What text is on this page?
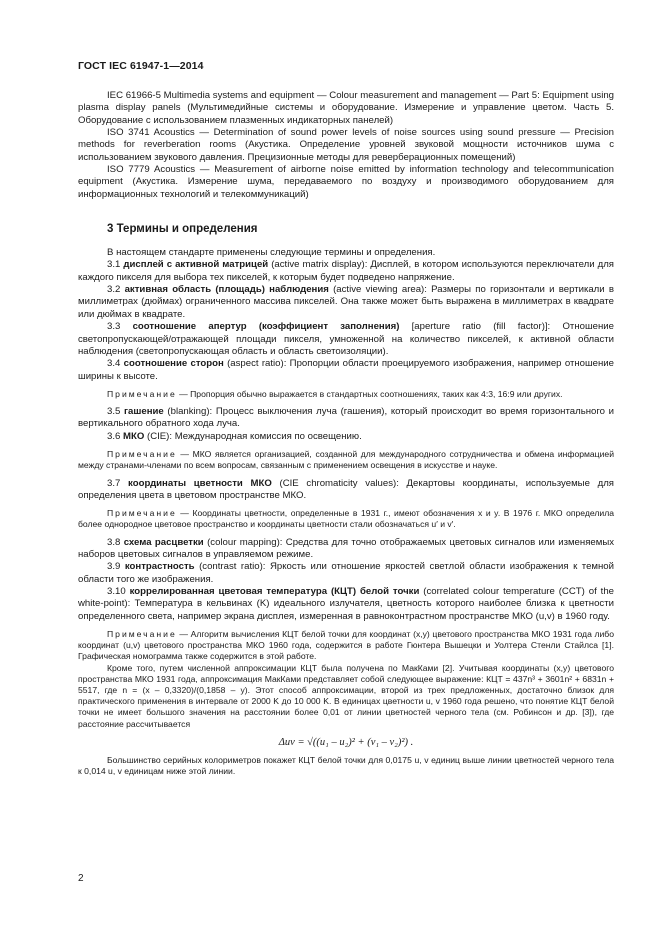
ГОСТ IEC 61947-1—2014

IEC 61966-5 Multimedia systems and equipment — Colour measurement and management — Part 5: Equipment using plasma display panels (Мультимедийные системы и оборудование. Измерение и управление цветом. Часть 5. Оборудование с использованием плазменных индикаторных панелей)

ISO 3741 Acoustics — Determination of sound power levels of noise sources using sound pressure — Precision methods for reverberation rooms (Акустика. Определение уровней звуковой мощности источников шума с использованием звукового давления. Прецизионные методы для реверберационных помещений)

ISO 7779 Acoustics — Measurement of airborne noise emitted by information technology and telecommunication equipment (Акустика. Измерение шума, передаваемого по воздуху и производимого оборудованием для информационных технологий и телекоммуникаций)

3 Термины и определения

В настоящем стандарте применены следующие термины и определения.

3.1 дисплей с активной матрицей (active matrix display): Дисплей, в котором используются переключатели для каждого пикселя для выбора тех пикселей, к которым будет подведено напряжение.

3.2 активная область (площадь) наблюдения (active viewing area): Размеры по горизонтали и вертикали в миллиметрах (дюймах) ограниченного массива пикселей. Она также может быть выражена в миллиметрах в квадрате или дюймах в квадрате.

3.3 соотношение апертур (коэффициент заполнения) [aperture ratio (fill factor)]: Отношение светопропускающей/отражающей площади пикселя, умноженной на количество пикселей, к активной области наблюдения (светопропускающая область и область светоизоляции).

3.4 соотношение сторон (aspect ratio): Пропорции области проецируемого изображения, например отношение ширины к высоте.

Примечание — Пропорция обычно выражается в стандартных соотношениях, таких как 4:3, 16:9 или других.

3.5 гашение (blanking): Процесс выключения луча (гашения), который происходит во время горизонтального и вертикального обратного хода луча.

3.6 МКО (CIE): Международная комиссия по освещению.

Примечание — МКО является организацией, созданной для международного сотрудничества и обмена информацией между странами-членами по всем вопросам, связанным с применением освещения в искусстве и науке.

3.7 координаты цветности МКО (CIE chromaticity values): Декартовы координаты, используемые для определения цвета в цветовом пространстве МКО.

Примечание — Координаты цветности, определенные в 1931 г., имеют обозначения x и y. В 1976 г. МКО определила более однородное цветовое пространство и координаты цветности стали обозначаться u′ и v′.

3.8 схема расцветки (colour mapping): Средства для точно отображаемых цветовых сигналов или изменяемых наборов цветовых сигналов в управляемом режиме.

3.9 контрастность (contrast ratio): Яркость или отношение яркостей светлой области изображения к темной области того же изображения.

3.10 коррелированная цветовая температура (КЦТ) белой точки (correlated colour temperature (CCT) of the white-point): Температура в кельвинах (K) идеального излучателя, цветность которого наиболее близка к цветности определенного света, например экрана дисплея, измеренная в равноконтрастном пространстве МКО (u,v) в 1960 году.

Примечание — Алгоритм вычисления КЦТ белой точки для координат (x,y) цветового пространства МКО 1931 года либо координат (u,v) цветового пространства МКО 1960 года, содержится в работе Гюнтера Вышецки и Уолтера Стенли Стайлса [1]. Графическая номограмма также содержится в этой работе.

Кроме того, путем численной аппроксимации КЦТ была получена по МакКами [2]. Учитывая координаты (x,y) цветового пространства МКО 1931 года, аппроксимация МакКами представляет собой следующее выражение: КЦТ = 437n³ + 3601n² + 6831n + 5517, где n = (x – 0,3320)/(0,1858 – y). Этот способ аппроксимации, второй из трех предложенных, достаточно близок для практического применения в интервале от 2000 K до 10 000 K. В единицах цветности u, v 1960 года решено, что понятие КЦТ белой точки не имеет большого значения на расстоянии более 0,01 от линии цветностей черного тела (см. Робинсон и др. [3]), где расстояние рассчитывается

Δuv = √((u₁ – u₂)² + (v₁ – v₂)²) .

Большинство серийных колориметров покажет КЦТ белой точки для 0,0175 u, v единиц выше линии цветностей черного тела к 0,014 u, v единицам ниже этой линии.

2
